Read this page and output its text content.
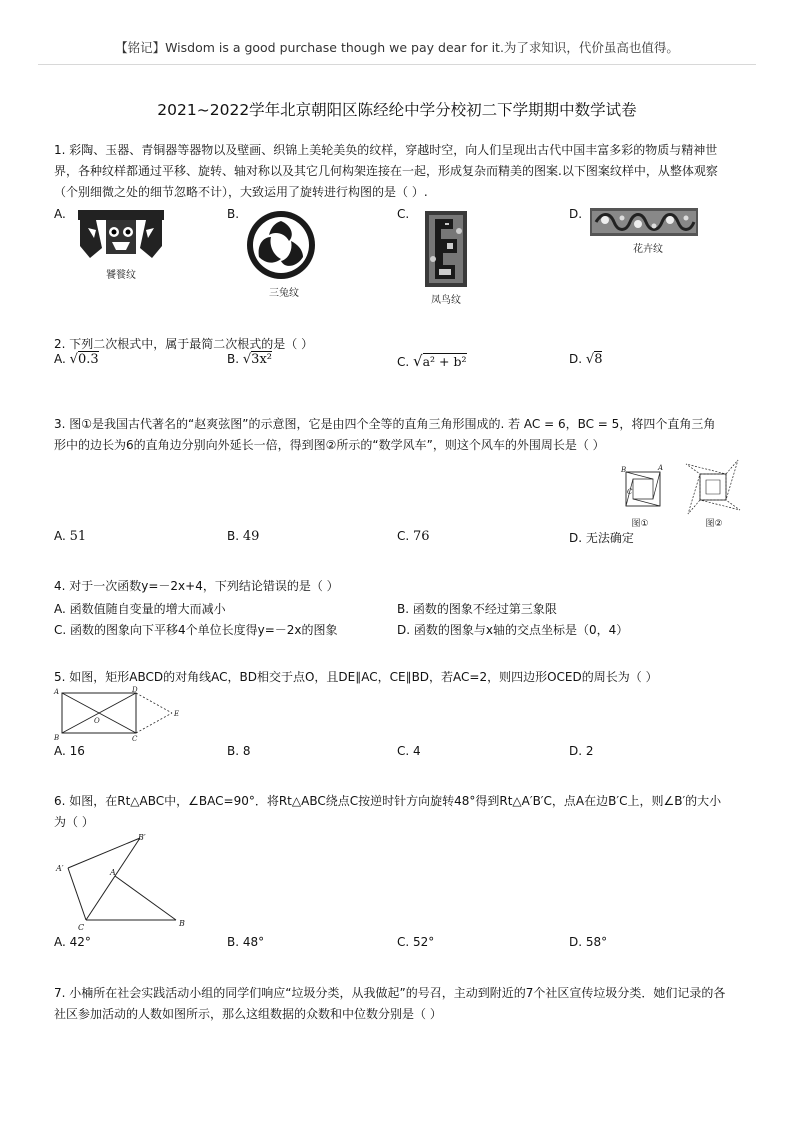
【铭记】Wisdom is a good purchase though we pay dear for it.为了求知识，代价虽高也值得。
2021~2022学年北京朝阳区陈经纶中学分校初二下学期期中数学试卷
1. 彩陶、玉器、青铜器等器物以及壁画、织锦上美轮美奂的纹样，穿越时空，向人们呈现出古代中国丰富多彩的物质与精神世
界，各种纹样都通过平移、旋转、轴对称以及其它几何构架连接在一起，形成复杂而精美的图案.以下图案纹样中，从整体观察
（个别细微之处的细节忽略不计），大致运用了旋转进行构图的是（ ）.
A.
饕餮纹
B.
三兔纹
C.
凤鸟纹
D.
花卉纹
2. 下列二次根式中，属于最简二次根式的是（ ）
A. √0.3	B. √3x²	C. √a² + b²	D. √8
3. 图①是我国古代著名的“赵爽弦图”的示意图，它是由四个全等的直角三角形围成的. 若 AC = 6，BC = 5，将四个直角三角
形中的边长为6的直角边分别向外延长一倍，得到图②所示的“数学风车”，则这个风车的外围周长是（ ）
B	A
C
图①	图②
A. 51	B. 49	C. 76	D. 无法确定
4. 对于一次函数y=－2x+4，下列结论错误的是（ ）
A. 函数值随自变量的增大而减小	B. 函数的图象不经过第三象限
C. 函数的图象向下平移4个单位长度得y=－2x的图象	D. 函数的图象与x轴的交点坐标是（0，4）
5. 如图，矩形ABCD的对角线AC，BD相交于点O，且DE∥AC，CE∥BD，若AC=2，则四边形OCED的周长为（ ）
A	D
B	C
O
E
A. 16	B. 8	C. 4	D. 2
6. 如图，在Rt△ABC中，∠BAC=90°．将Rt△ABC绕点C按逆时针方向旋转48°得到Rt△A′B′C，点A在边B′C上，则∠B′的大小
为（ ）
B′
A′	A
C	B
A. 42°	B. 48°	C. 52°	D. 58°
7. 小楠所在社会实践活动小组的同学们响应“垃圾分类，从我做起”的号召，主动到附近的7个社区宣传垃圾分类．她们记录的各
社区参加活动的人数如图所示，那么这组数据的众数和中位数分别是（ ）
